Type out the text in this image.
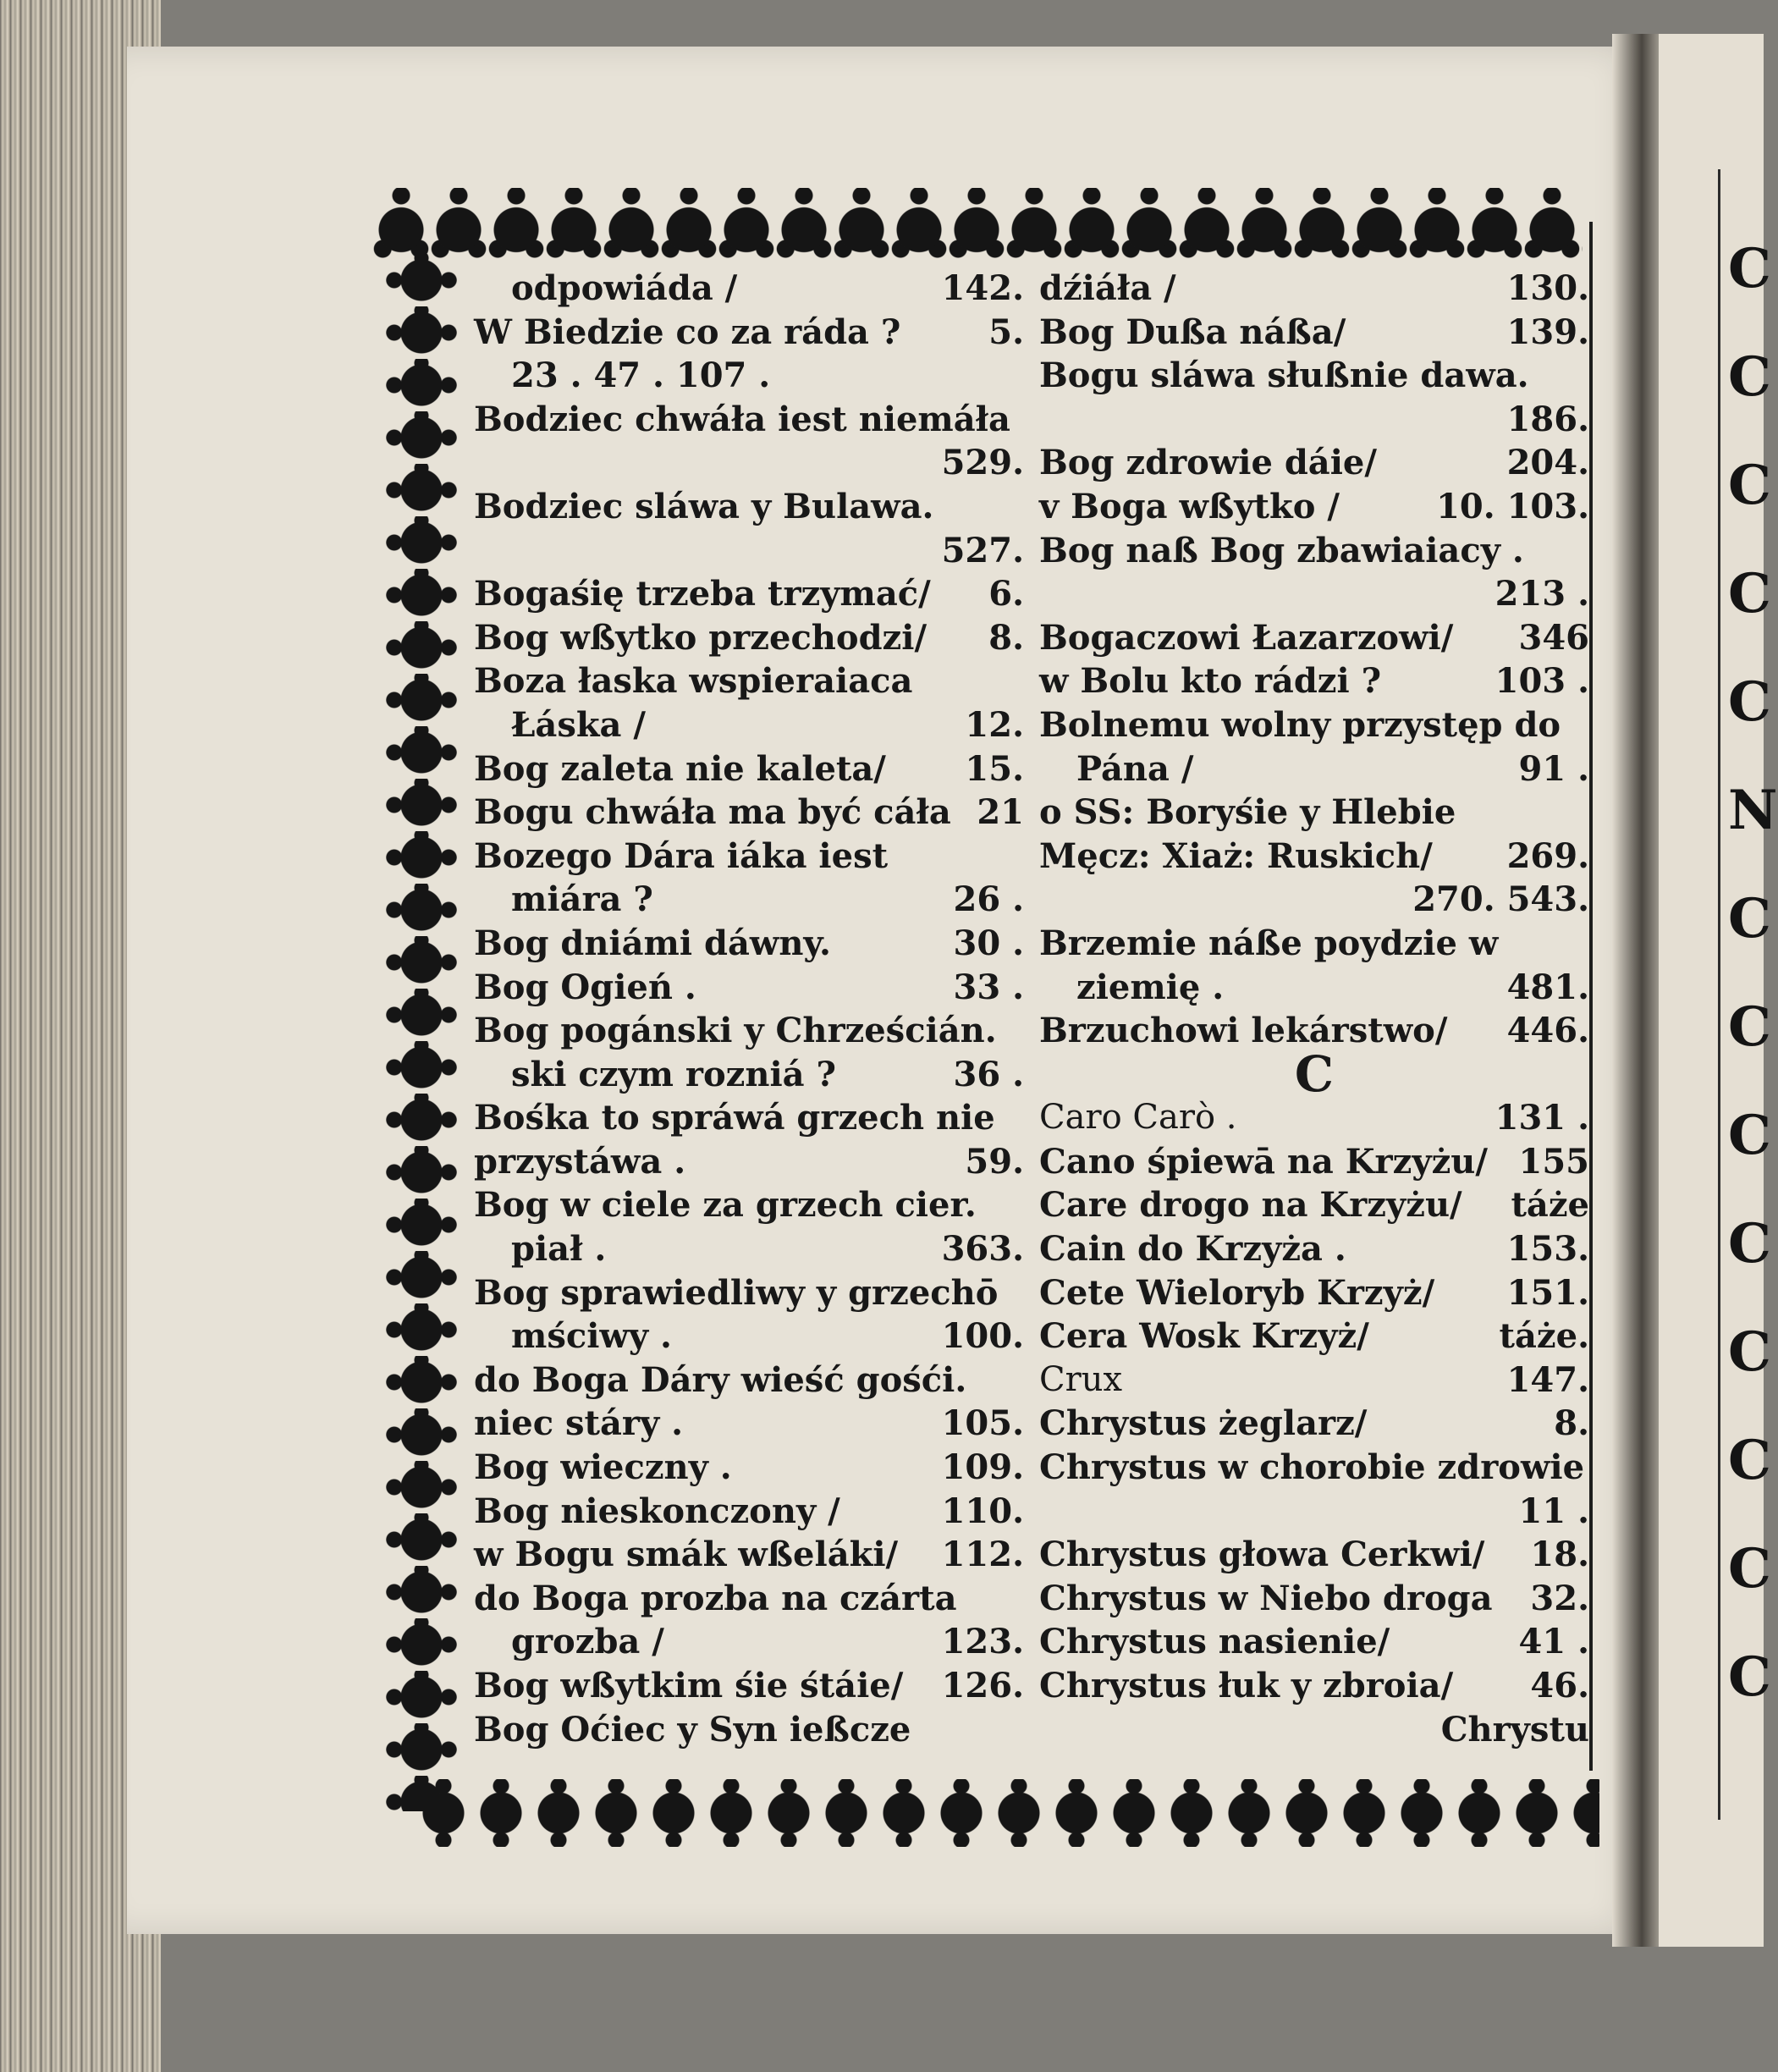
C
C
C
C
C
N
C
C
C
C
C
C
C
C
odpowiáda /	142.
W Biedzie co za ráda ?	5.
23 . 47 . 107 .
Bodziec chwáła iest niemáła
529.
Bodziec sláwa y Bulawa.
527.
Bogaśię trzeba trzymać/	6.
Bog wßytko przechodzi/	8.
Boza łaska wspieraiaca
Łáska /	12.
Bog zaleta nie kaleta/	15.
Bogu chwáła ma być cáła 21
Bozego Dára iáka iest
miára ?	26 .
Bog dniámi dáwny.	30 .
Bog Ogień .	33 .
Bog pogánski y Chrześcián.
ski czym rozniá ?	36 .
Bośka to spráwá grzech nie
przystáwa .	59.
Bog w ciele za grzech cier.
piał .	363.
Bog sprawiedliwy y grzechō
mściwy .	100.
do Boga Dáry wieść gośći.
niec stáry .	105.
Bog wieczny .	109.
Bog nieskonczony /	110.
w Bogu smák wßeláki/	112.
do Boga prozba na czárta
grozba /	123.
Bog wßytkim śie śtáie/	126.
Bog Oćiec y Syn ießcze
dźiáła /	130.
Bog Dußa náßa/	139.
Bogu sláwa słußnie dawa.
186.
Bog zdrowie dáie/	204.
v Boga wßytko /	10. 103.
Bog naß Bog zbawiaiacy .
213 .
Bogaczowi Łazarzowi/	346
w Bolu kto rádzi ?	103 .
Bolnemu wolny przystęp do
Pána /	91 .
o SS: Boryśie y Hlebie
Męcz: Xiaż: Ruskich/	269.
270. 543.
Brzemie náße poydzie w
ziemię .	481.
Brzuchowi lekárstwo/	446.
C
Caro Carò .	131 .
Cano śpiewā na Krzyżu/ 155
Care drogo na Krzyżu/	táże
Cain do Krzyża .	153.
Cete Wieloryb Krzyż/	151.
Cera Wosk Krzyż/	táże.
Crux	147.
Chrystus żeglarz/	8.
Chrystus w chorobie zdrowie
11 .
Chrystus głowa Cerkwi/	18.
Chrystus w Niebo droga	32.
Chrystus nasienie/	41 .
Chrystus łuk y zbroia/	46.
Chrystu
